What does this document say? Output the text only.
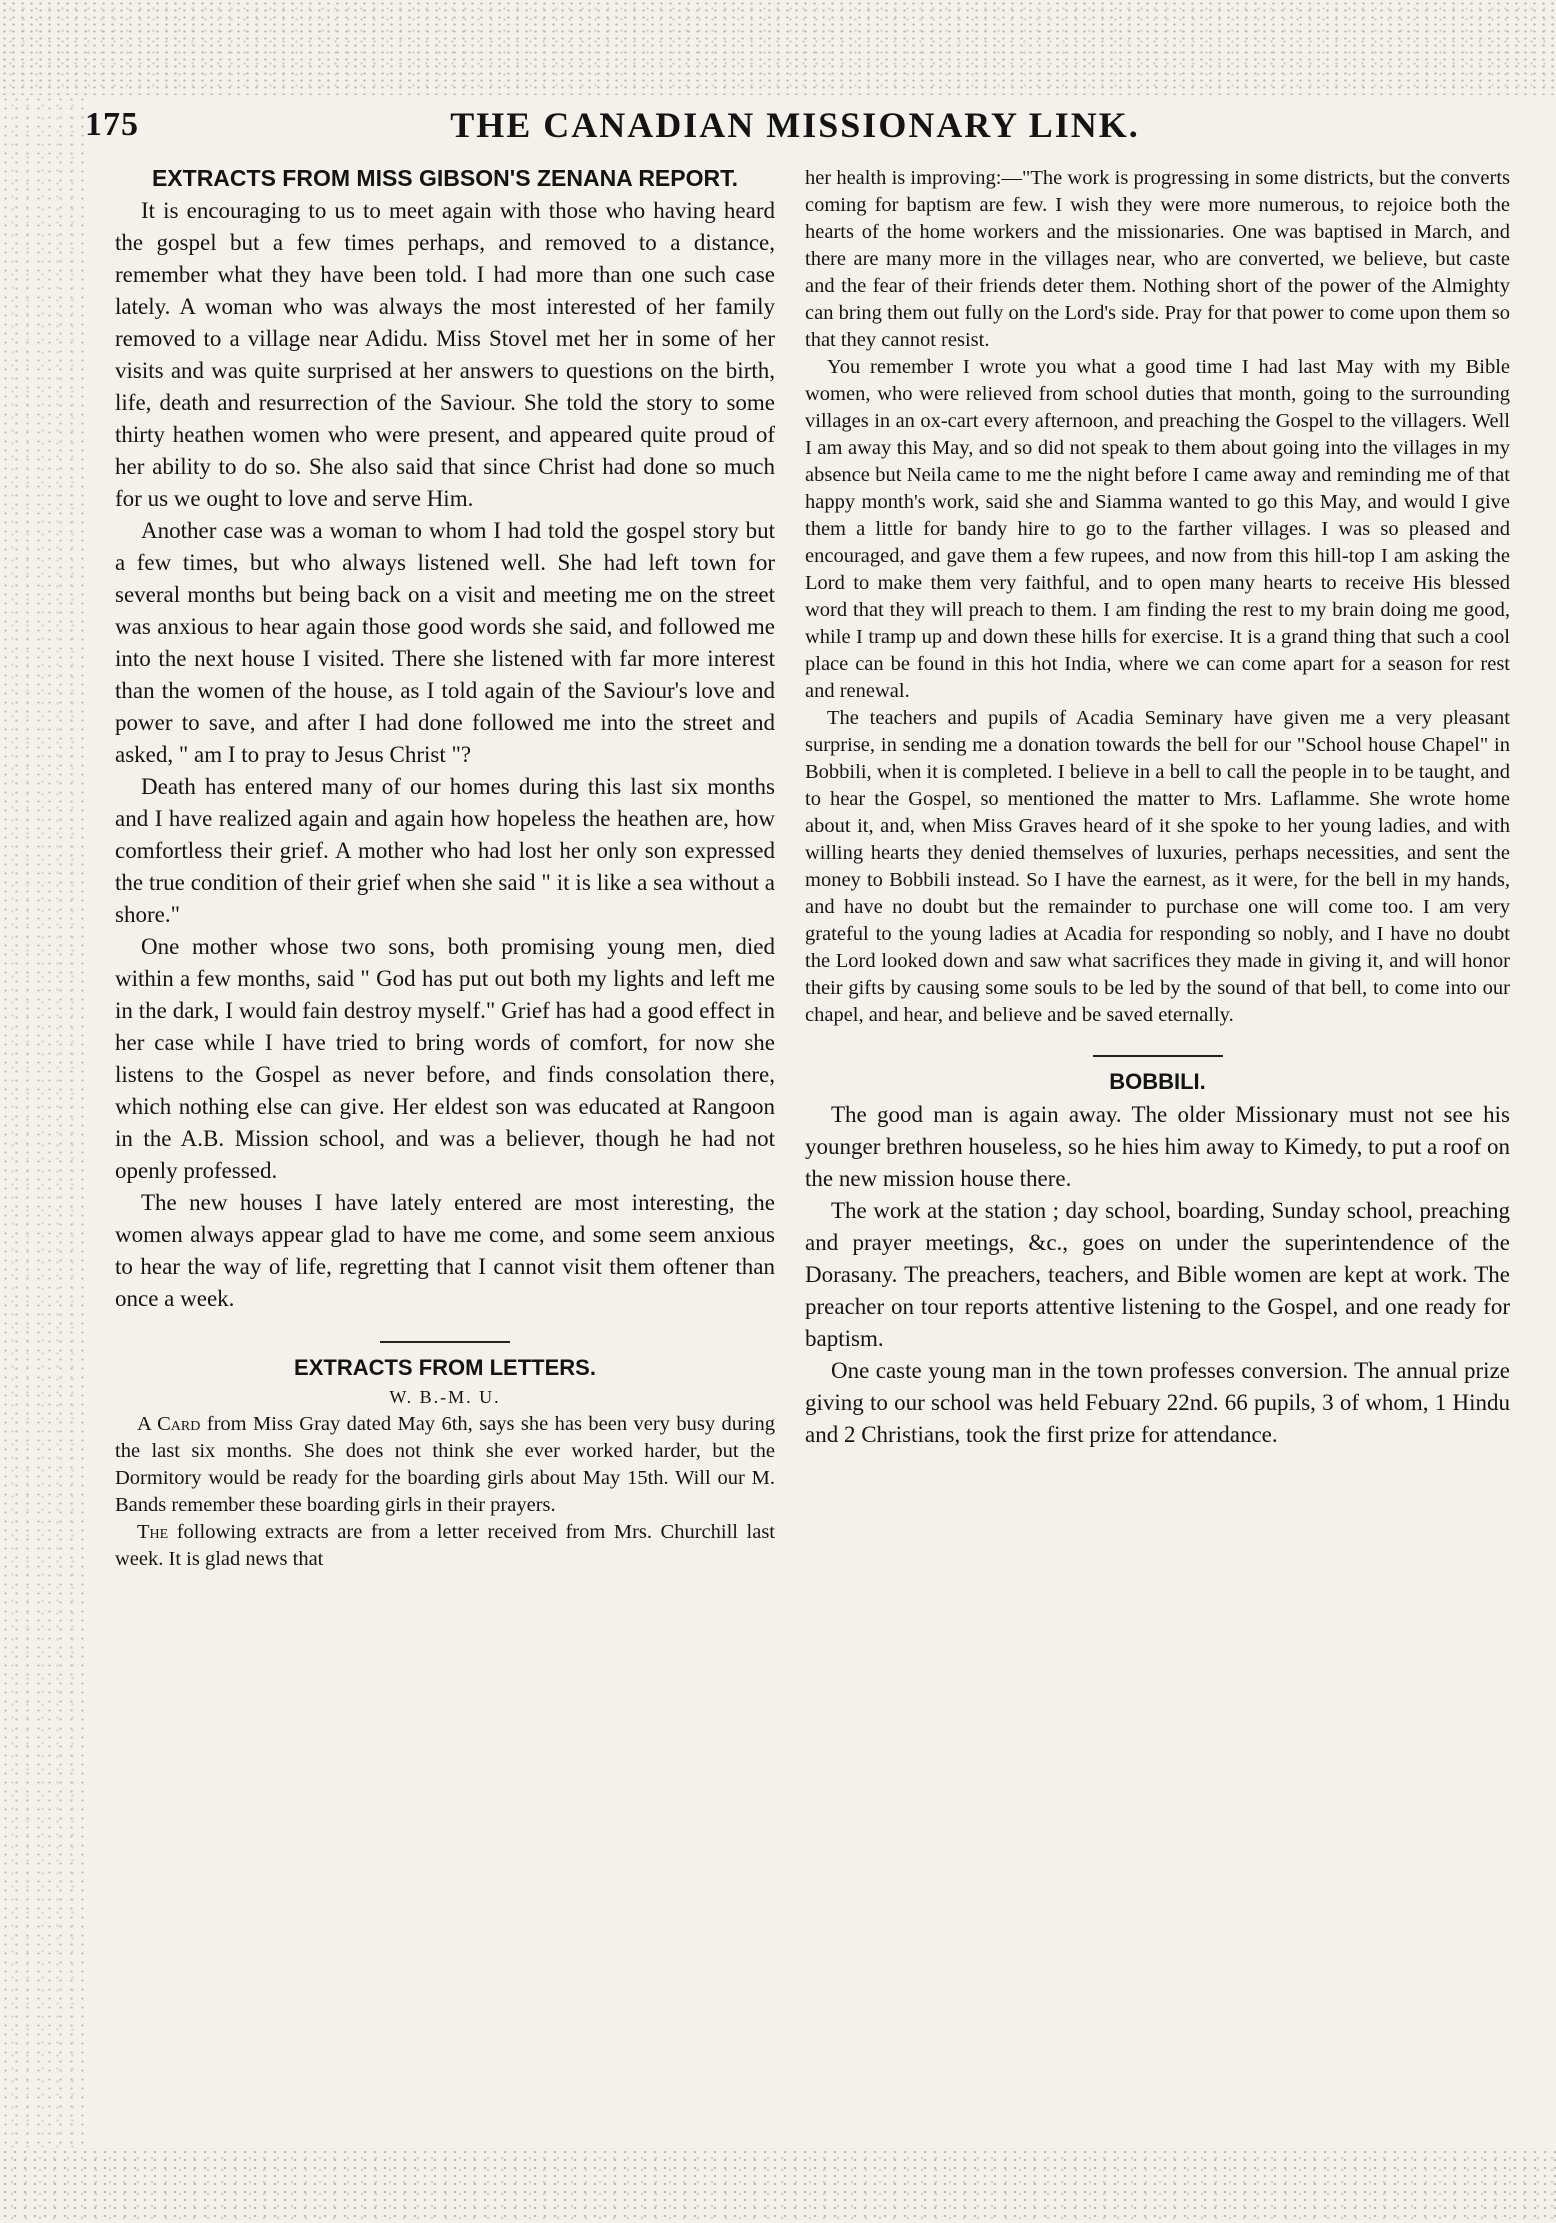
175	THE CANADIAN MISSIONARY LINK.
EXTRACTS FROM MISS GIBSON'S ZENANA REPORT.

It is encouraging to us to meet again with those who having heard the gospel but a few times perhaps, and removed to a distance, remember what they have been told. I had more than one such case lately. A woman who was always the most interested of her family removed to a village near Adidu. Miss Stovel met her in some of her visits and was quite surprised at her answers to questions on the birth, life, death and resurrection of the Saviour. She told the story to some thirty heathen women who were present, and appeared quite proud of her ability to do so. She also said that since Christ had done so much for us we ought to love and serve Him.

Another case was a woman to whom I had told the gospel story but a few times, but who always listened well. She had left town for several months but being back on a visit and meeting me on the street was anxious to hear again those good words she said, and followed me into the next house I visited. There she listened with far more interest than the women of the house, as I told again of the Saviour's love and power to save, and after I had done followed me into the street and asked, " am I to pray to Jesus Christ "?

Death has entered many of our homes during this last six months and I have realized again and again how hopeless the heathen are, how comfortless their grief. A mother who had lost her only son expressed the true condition of their grief when she said " it is like a sea without a shore."

One mother whose two sons, both promising young men, died within a few months, said " God has put out both my lights and left me in the dark, I would fain destroy myself." Grief has had a good effect in her case while I have tried to bring words of comfort, for now she listens to the Gospel as never before, and finds consolation there, which nothing else can give. Her eldest son was educated at Rangoon in the A.B. Mission school, and was a believer, though he had not openly professed.

The new houses I have lately entered are most interesting, the women always appear glad to have me come, and some seem anxious to hear the way of life, regretting that I cannot visit them oftener than once a week.

EXTRACTS FROM LETTERS.
W. B.-M. U.

A Card from Miss Gray dated May 6th, says she has been very busy during the last six months. She does not think she ever worked harder, but the Dormitory would be ready for the boarding girls about May 15th. Will our M. Bands remember these boarding girls in their prayers.

The following extracts are from a letter received from Mrs. Churchill last week. It is glad news that

her health is improving:—"The work is progressing in some districts, but the converts coming for baptism are few. I wish they were more numerous, to rejoice both the hearts of the home workers and the missionaries. One was baptised in March, and there are many more in the villages near, who are converted, we believe, but caste and the fear of their friends deter them. Nothing short of the power of the Almighty can bring them out fully on the Lord's side. Pray for that power to come upon them so that they cannot resist.

You remember I wrote you what a good time I had last May with my Bible women, who were relieved from school duties that month, going to the surrounding villages in an ox-cart every afternoon, and preaching the Gospel to the villagers. Well I am away this May, and so did not speak to them about going into the villages in my absence but Neila came to me the night before I came away and reminding me of that happy month's work, said she and Siamma wanted to go this May, and would I give them a little for bandy hire to go to the farther villages. I was so pleased and encouraged, and gave them a few rupees, and now from this hill-top I am asking the Lord to make them very faithful, and to open many hearts to receive His blessed word that they will preach to them. I am finding the rest to my brain doing me good, while I tramp up and down these hills for exercise. It is a grand thing that such a cool place can be found in this hot India, where we can come apart for a season for rest and renewal.

The teachers and pupils of Acadia Seminary have given me a very pleasant surprise, in sending me a donation towards the bell for our "School house Chapel" in Bobbili, when it is completed. I believe in a bell to call the people in to be taught, and to hear the Gospel, so mentioned the matter to Mrs. Laflamme. She wrote home about it, and, when Miss Graves heard of it she spoke to her young ladies, and with willing hearts they denied themselves of luxuries, perhaps necessities, and sent the money to Bobbili instead. So I have the earnest, as it were, for the bell in my hands, and have no doubt but the remainder to purchase one will come too. I am very grateful to the young ladies at Acadia for responding so nobly, and I have no doubt the Lord looked down and saw what sacrifices they made in giving it, and will honor their gifts by causing some souls to be led by the sound of that bell, to come into our chapel, and hear, and believe and be saved eternally.

BOBBILI.

The good man is again away. The older Missionary must not see his younger brethren houseless, so he hies him away to Kimedy, to put a roof on the new mission house there.

The work at the station ; day school, boarding, Sunday school, preaching and prayer meetings, &c., goes on under the superintendence of the Dorasany. The preachers, teachers, and Bible women are kept at work. The preacher on tour reports attentive listening to the Gospel, and one ready for baptism.

One caste young man in the town professes conversion. The annual prize giving to our school was held Febuary 22nd. 66 pupils, 3 of whom, 1 Hindu and 2 Christians, took the first prize for attendance.
